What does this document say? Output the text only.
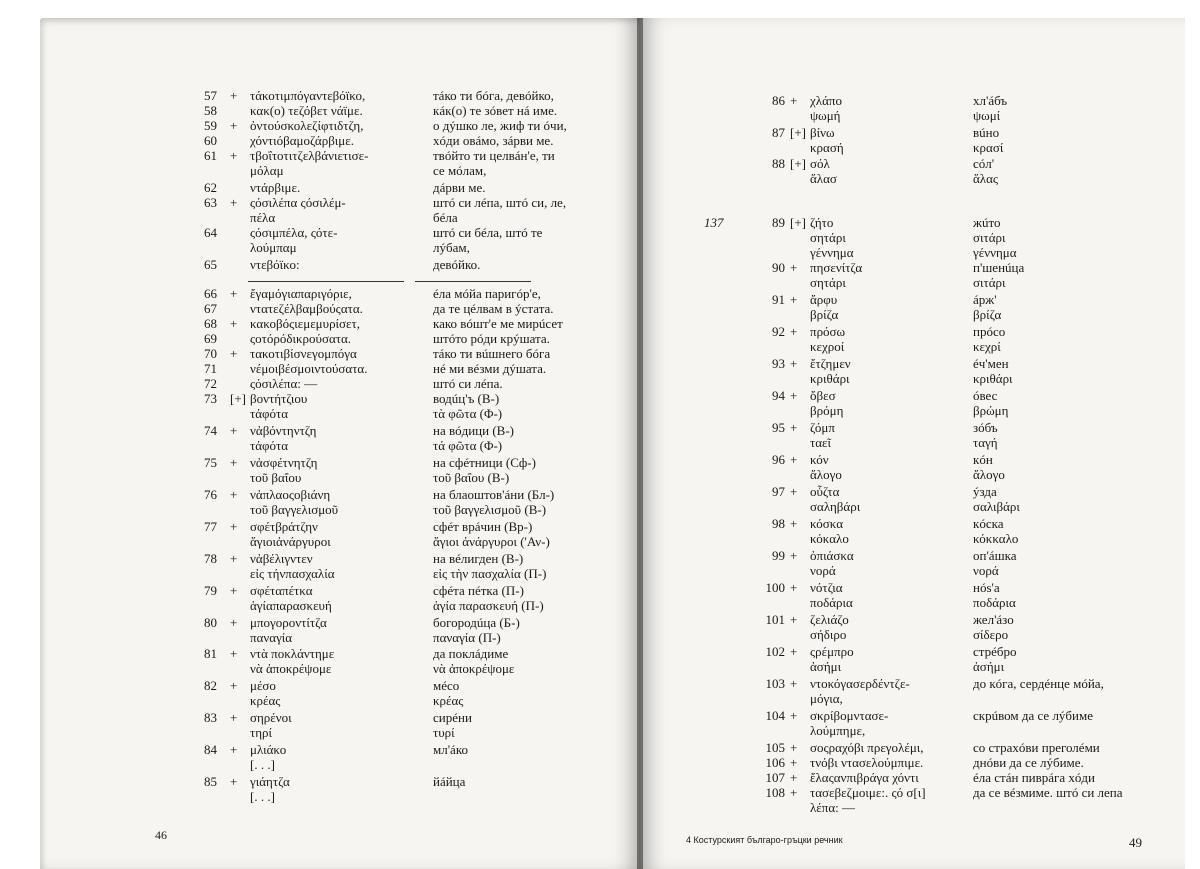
57 + τάκοτιμπόγαντεβόϊκο,	тáко ти бóга, девóйко,
58	κακ(ο) τεζόβετ νάϊμε.	кáк(о) те зóвет нá име.
59 + ὀντούσκολεζίφτιδτζη,	о дýшко ле, жиф ти óчи,
60	χόντιόβαμοζάρβιμε.	хóди овáмо, зáрви ме.
61 + τβοΐτοτιτζελβάνιετισε-	твóйто ти целвáн'е, ти
μόλαμ	се мóлам,
62	ντάρβιμε.	дáрви ме.
63 + ςόσιλέπα ςόσιλέμ-	штó си лéпа, штó си, ле,
πέλα	бéла
64	ςόσιμπέλα, ςότε-	штó си бéла, штó те
λούμπαμ	лýбам,
65	ντεβόϊκο:	девóйко.
66 + ἔγαμόγιαπαριγόριε,	éла мóйа паригóр'е,
67	ντατεζέλβαμβούςατα.	да те цéлвам в ýстата.
68 + κακοβόςιεμεμυρίσετ,	како вóшт'е ме мирúсет
69	ςοτόρόδικρούσατα.	штóто рóди крýшата.
70 + τακοτιβίσνεγομπόγα	тáко ти вúшнего бóга
71	νέμοιβέσμοιντούσατα.	нé ми вéзми дýшата.
72	ςόσιλέπα: —	штó си лéпа.
73 [+] βοντήτζιου	водúц'ъ (В-)
τἀφότα	τὰ φῶτα (Φ-)
74 + νἀβόντηντζη	на вóдици (В-)
τἀφότα	τά φῶτα (Φ-)
75 + νἀσφέτνητζη	на сфéтници (Сф-)
τοῦ βαΐου	τοῦ βαΐου (Β-)
76 + νἀπλαοςοβιάνη	на блаоштов'áни (Бл-)
τοῦ βαγγελισμοῦ	τοῦ βαγγελισμοῦ (Β-)
77 + σφέτβράτζην	сфéт врáчин (Вр-)
ἅγιοιἀνάργυροι	ἅγιοι ἀνάργυροι ('Αν-)
78 + νἀβέλιγντεν	на вéлигден (В-)
εἰς τήνπασχαλία	εἰς τὴν πασχαλία (Π-)
79 + σφέταπέτκα	сфéта пéтка (П-)
ἁγίαπαρασκευή	ἁγία παρασκευή (Π-)
80 + μπογοροντίτζα	богородúца (Б-)
παναγία	παναγία (Π-)
81 + ντὰ ποκλάντημε	да поклáдиме
νὰ ἀποκρέψομε	νὰ ἀποκρέψομε
82 + μέσο	мéсо
κρέας	κρέας
83 + σηρένοι	сирéни
τηρί	τυρί
84 + μλιάκο	мл'áко
[. . .]
85 + γιάητζα	йáйца
[. . .]
46
86 + χλάπο	хл'áбъ
ψωμή	ψωμί
87 [+] βίνω	вúно
κρασή	κρασί
88 [+] σόλ	сóл'
ἅλασ	ἅλας
89 [+] ζήτο	жúто
σητάρι	σιτάρι
γέννημα	γέννημα
90 + πησενίτζα	п'шенúца
σητάρι	σιτάρι
91 + ἄρφυ	áрж'
βρίζα	βρίζα
92 + πρόσω	прóсо
κεχροί	κεχρί
93 + ἔτζημεν	éч'мен
κριθάρι	κριθάρι
94 + ὄβεσ	óвес
βρόμη	βρώμη
95 + ζόμπ	зóбъ
ταεῖ	ταγή
96 + κόν	кóн
ἄλογο	ἄλογο
97 + οὗζτα	ýзда
σαληβάρι	σαλιβάρι
98 + κόσκα	кóска
κόκαλο	κόκκαλο
99 + ὀπιάσκα	оп'áшка
νορά	νορά
100 + νότζια	нóѕ'а
ποδάρια	ποδάρια
101 + ζελιάζο	жел'áзо
σήδιρο	σίδερο
102 + ςρέμπρο	стрéбро
ἀσήμι	ἀσήμι
103 + ντοκόγασερδέντζε-	до кóга, сердéнце мóйа,
μόγια,
104 + σκρίβομντασε-	скрúвом да се лýбиме
λούμπημε,
105 + σοςραχόβι πρεγολέμι,	со страхóви преголéми
106 + τνόβι ντασελούμπιμε.	днóви да се лýбиме.
107 + ἔλαςανπιβράγα χόντι	éла стáн пиврáга хóди
108 + τασεβεζμοιμε:. ςό σ[ι]	да се вéзмиме. штó си лепа
λέπα: —
137
4 Костурският българо-гръцки речник	49
